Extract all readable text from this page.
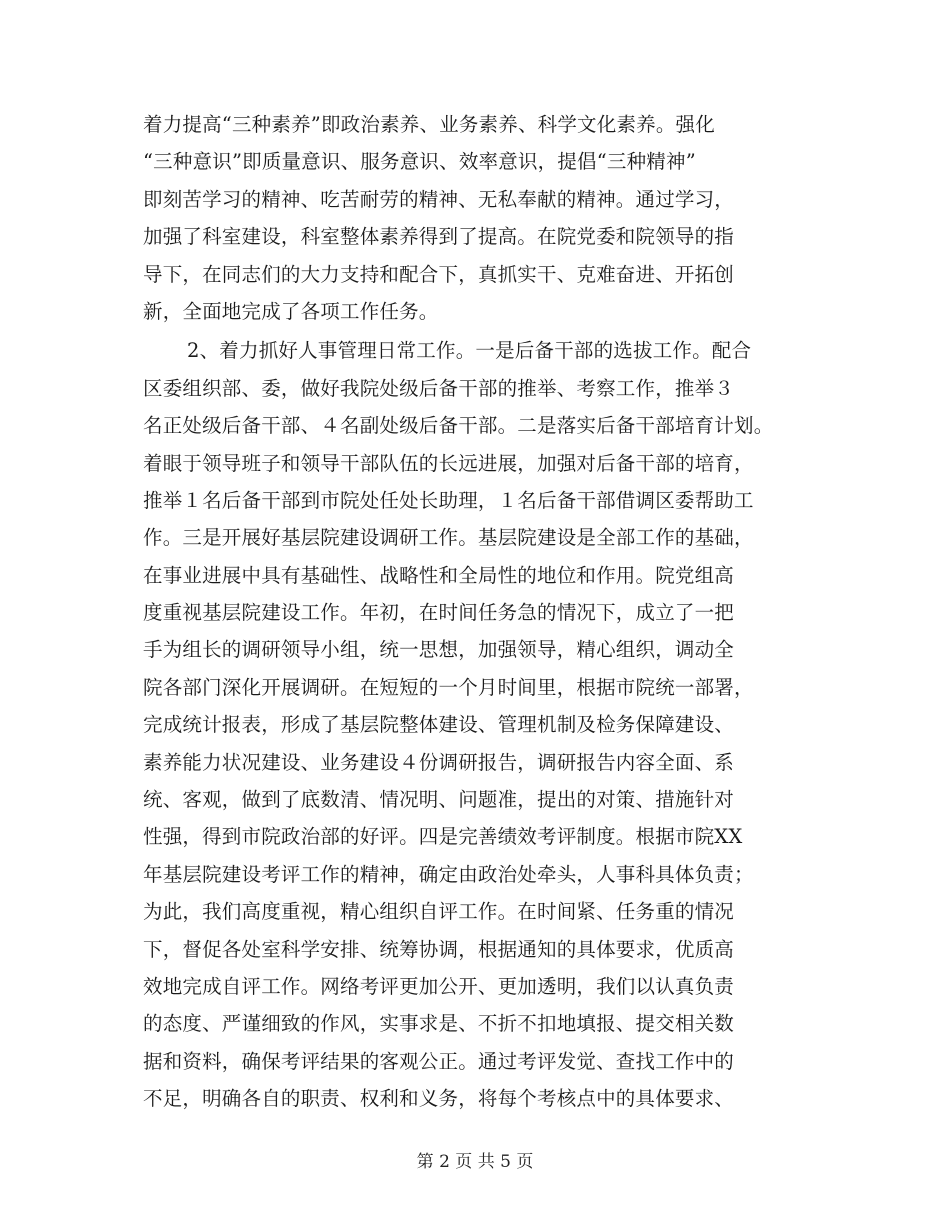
着力提高“三种素养”即政治素养、业务素养、科学文化素养。强化
“三种意识”即质量意识、服务意识、效率意识，提倡“三种精神”
即刻苦学习的精神、吃苦耐劳的精神、无私奉献的精神。通过学习，
加强了科室建设，科室整体素养得到了提高。在院党委和院领导的指
导下，在同志们的大力支持和配合下，真抓实干、克难奋进、开拓创
新，全面地完成了各项工作任务。
2、着力抓好人事管理日常工作。一是后备干部的选拔工作。配合
区委组织部、委，做好我院处级后备干部的推举、考察工作，推举３
名正处级后备干部、４名副处级后备干部。二是落实后备干部培育计划。
着眼于领导班子和领导干部队伍的长远进展，加强对后备干部的培育，
推举１名后备干部到市院处任处长助理，１名后备干部借调区委帮助工
作。三是开展好基层院建设调研工作。基层院建设是全部工作的基础，
在事业进展中具有基础性、战略性和全局性的地位和作用。院党组高
度重视基层院建设工作。年初，在时间任务急的情况下，成立了一把
手为组长的调研领导小组，统一思想，加强领导，精心组织，调动全
院各部门深化开展调研。在短短的一个月时间里，根据市院统一部署，
完成统计报表，形成了基层院整体建设、管理机制及检务保障建设、
素养能力状况建设、业务建设４份调研报告，调研报告内容全面、系
统、客观，做到了底数清、情况明、问题准，提出的对策、措施针对
性强，得到市院政治部的好评。四是完善绩效考评制度。根据市院XX
年基层院建设考评工作的精神，确定由政治处牵头，人事科具体负责；
为此，我们高度重视，精心组织自评工作。在时间紧、任务重的情况
下，督促各处室科学安排、统筹协调，根据通知的具体要求，优质高
效地完成自评工作。网络考评更加公开、更加透明，我们以认真负责
的态度、严谨细致的作风，实事求是、不折不扣地填报、提交相关数
据和资料，确保考评结果的客观公正。通过考评发觉、查找工作中的
不足，明确各自的职责、权利和义务，将每个考核点中的具体要求、
第 2 页 共 5 页
